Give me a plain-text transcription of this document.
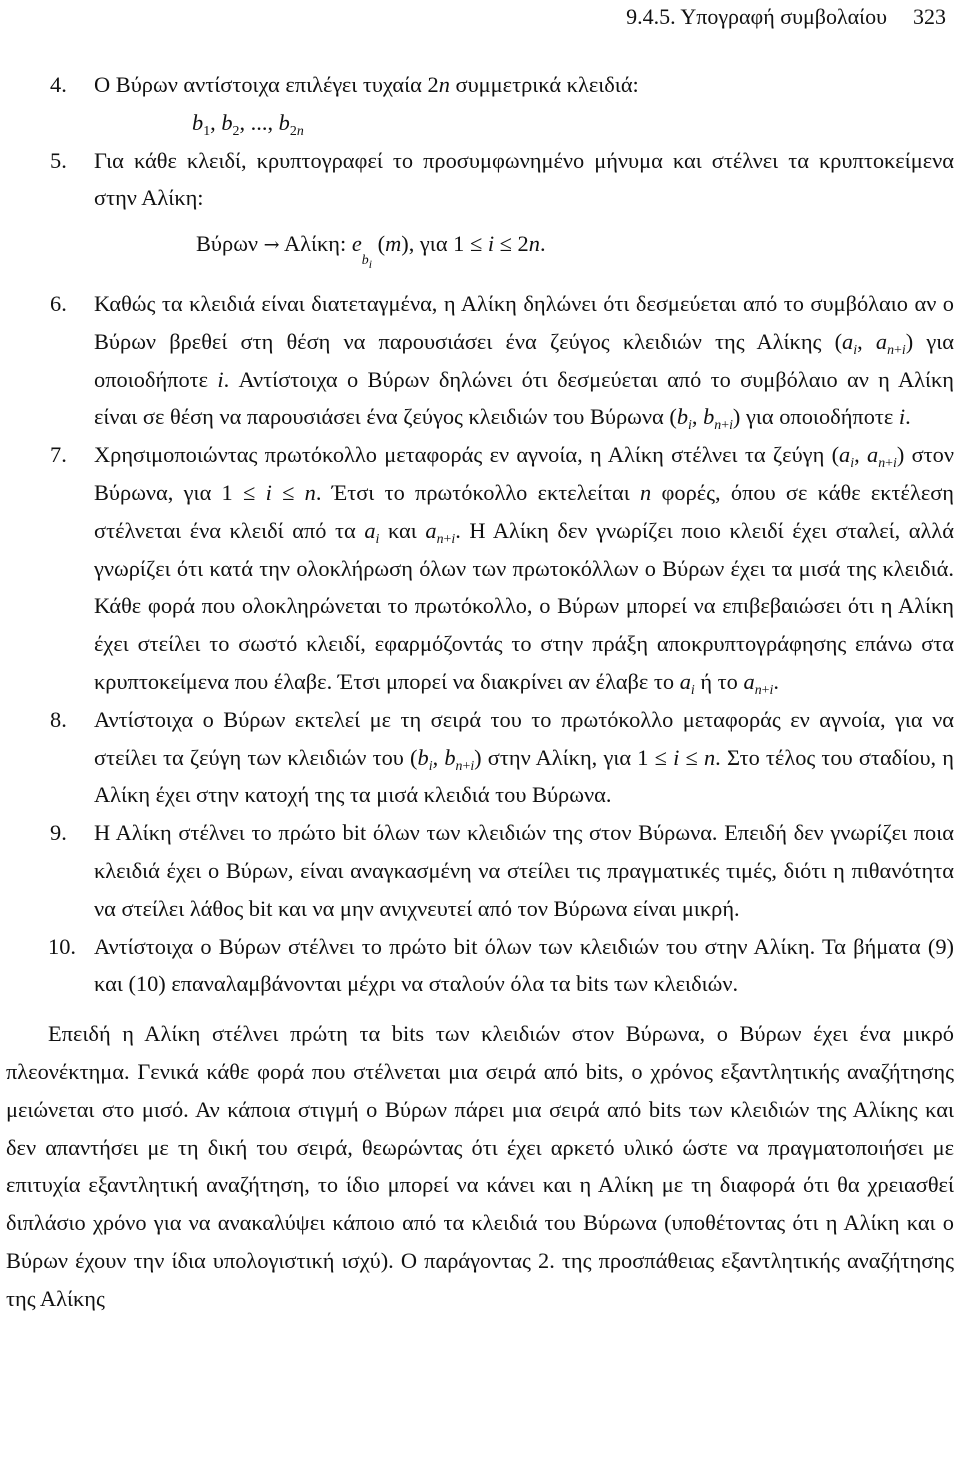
9.4.5. Υπογραφή συμβολαίου 323
4. Ο Βύρων αντίστοιχα επιλέγει τυχαία 2n συμμετρικά κλειδιά:
$b_1$, $b_2$, ..., $b_{2n}$
5. Για κάθε κλειδί, κρυπτογραφεί το προσυμφωνημένο μήνυμα και στέλνει τα κρυπτοκείμενα στην Αλίκη:
Βύρων → Αλίκη: $e_{b_i}$ (m), για 1 ≤ i ≤ 2n.
6. Καθώς τα κλειδιά είναι διατεταγμένα, η Αλίκη δηλώνει ότι δεσμεύεται από το συμβόλαιο αν ο Βύρων βρεθεί στη θέση να παρουσιάσει ένα ζεύγος κλειδιών της Αλίκης ($a_i$, $a_{n+i}$) για οποιοδήποτε i. Αντίστοιχα ο Βύρων δηλώνει ότι δεσμεύεται από το συμβόλαιο αν η Αλίκη είναι σε θέση να παρουσιάσει ένα ζεύγος κλειδιών του Βύρωνα ($b_i$, $b_{n+i}$) για οποιοδήποτε i.
7. Χρησιμοποιώντας πρωτόκολλο μεταφοράς εν αγνοία, η Αλίκη στέλνει τα ζεύγη ($a_i$, $a_{n+i}$) στον Βύρωνα, για 1 ≤ i ≤ n. Έτσι το πρωτόκολλο εκτελείται n φορές, όπου σε κάθε εκτέλεση στέλνεται ένα κλειδί από τα $a_i$ και $a_{n+i}$. Η Αλίκη δεν γνωρίζει ποιο κλειδί έχει σταλεί, αλλά γνωρίζει ότι κατά την ολοκλήρωση όλων των πρωτοκόλλων ο Βύρων έχει τα μισά της κλειδιά. Κάθε φορά που ολοκληρώνεται το πρωτόκολλο, ο Βύρων μπορεί να επιβεβαιώσει ότι η Αλίκη έχει στείλει το σωστό κλειδί, εφαρμόζοντάς το στην πράξη αποκρυπτογράφησης επάνω στα κρυπτοκείμενα που έλαβε. Έτσι μπορεί να διακρίνει αν έλαβε το $a_i$ ή το $a_{n+i}$.
8. Αντίστοιχα ο Βύρων εκτελεί με τη σειρά του το πρωτόκολλο μεταφοράς εν αγνοία, για να στείλει τα ζεύγη των κλειδιών του ($b_i$, $b_{n+i}$) στην Αλίκη, για 1 ≤ i ≤ n. Στο τέλος του σταδίου, η Αλίκη έχει στην κατοχή της τα μισά κλειδιά του Βύρωνα.
9. Η Αλίκη στέλνει το πρώτο bit όλων των κλειδιών της στον Βύρωνα. Επειδή δεν γνωρίζει ποια κλειδιά έχει ο Βύρων, είναι αναγκασμένη να στείλει τις πραγματικές τιμές, διότι η πιθανότητα να στείλει λάθος bit και να μην ανιχνευτεί από τον Βύρωνα είναι μικρή.
10. Αντίστοιχα ο Βύρων στέλνει το πρώτο bit όλων των κλειδιών του στην Αλίκη. Τα βήματα (9) και (10) επαναλαμβάνονται μέχρι να σταλούν όλα τα bits των κλειδιών.

Επειδή η Αλίκη στέλνει πρώτη τα bits των κλειδιών στον Βύρωνα, ο Βύρων έχει ένα μικρό πλεονέκτημα. Γενικά κάθε φορά που στέλνεται μια σειρά από bits, ο χρόνος εξαντλητικής αναζήτησης μειώνεται στο μισό. Αν κάποια στιγμή ο Βύρων πάρει μια σειρά από bits των κλειδιών της Αλίκης και δεν απαντήσει με τη δική του σειρά, θεωρώντας ότι έχει αρκετό υλικό ώστε να πραγματοποιήσει με επιτυχία εξαντλητική αναζήτηση, το ίδιο μπορεί να κάνει και η Αλίκη με τη διαφορά ότι θα χρειασθεί διπλάσιο χρόνο για να ανακαλύψει κάποιο από τα κλειδιά του Βύρωνα (υποθέτοντας ότι η Αλίκη και ο Βύρων έχουν την ίδια υπολογιστική ισχύ). Ο παράγοντας 2. της προσπάθειας εξαντλητικής αναζήτησης της Αλίκης
